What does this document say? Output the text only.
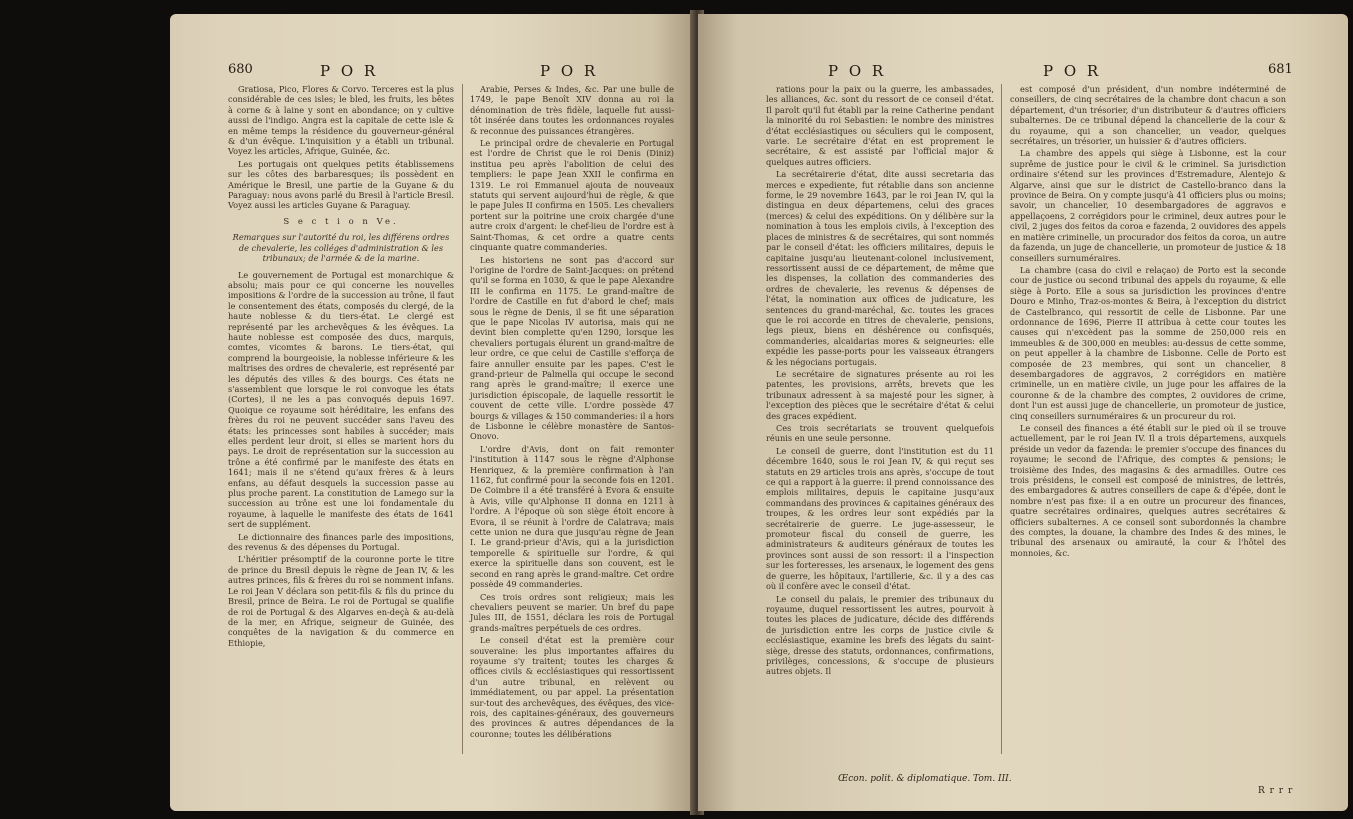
680	P O R	P O R

Gratiosa, Pico, Flores & Corvo. Terceres est la plus considérable de ces isles; le bled, les fruits, les bêtes à corne & à laine y sont en abondance; on y cultive aussi de l'indigo. Angra est la capitale de cette isle & en même temps la résidence du gouverneur-général & d'un évêque. L'inquisition y a établi un tribunal. Voyez les articles, Afrique, Guinée, &c.

Les portugais ont quelques petits établissemens sur les côtes des barbaresques; ils possèdent en Amérique le Bresil, une partie de la Guyane & du Paraguay: nous avons parlé du Bresil à l'article Bresil. Voyez aussi les articles Guyane & Paraguay.

S e c t i o n Ve.

Remarques sur l'autorité du roi, les différens ordres de chevalerie, les colléges d'administration & les tribunaux; de l'armée & de la marine.

Le gouvernement de Portugal est monarchique & absolu; mais pour ce qui concerne les nouvelles impositions & l'ordre de la succession au trône, il faut le consentement des états, composés du clergé, de la haute noblesse & du tiers-état. Le clergé est représenté par les archevêques & les évêques. La haute noblesse est composée des ducs, marquis, comtes, vicomtes & barons. Le tiers-état, qui comprend la bourgeoisie, la noblesse inférieure & les maîtrises des ordres de chevalerie, est représenté par les députés des villes & des bourgs. Ces états ne s'assemblent que lorsque le roi convoque les états (Cortes), il ne les a pas convoqués depuis 1697. Quoique ce royaume soit héréditaire, les enfans des frères du roi ne peuvent succéder sans l'aveu des états: les princesses sont habiles à succéder; mais elles perdent leur droit, si elles se marient hors du pays. Le droit de représentation sur la succession au trône a été confirmé par le manifeste des états en 1641; mais il ne s'étend qu'aux frères & à leurs enfans, au défaut desquels la succession passe au plus proche parent. La constitution de Lamego sur la succession au trône est une loi fondamentale du royaume, à laquelle le manifeste des états de 1641 sert de supplément.

Le dictionnaire des finances parle des impositions, des revenus & des dépenses du Portugal.

L'héritier présomptif de la couronne porte le titre de prince du Bresil depuis le règne de Jean IV, & les autres princes, fils & frères du roi se nomment infans. Le roi Jean V déclara son petit-fils & fils du prince du Bresil, prince de Beira. Le roi de Portugal se qualifie de roi de Portugal & des Algarves en-deçà & au-delà de la mer, en Afrique, seigneur de Guinée, des conquêtes de la navigation & du commerce en Ethiopie,

Arabie, Perses & Indes, &c. Par une bulle de 1749, le pape Benoît XIV donna au roi la dénomination de très fidèle, laquelle fut aussi-tôt insérée dans toutes les ordonnances royales & reconnue des puissances étrangères.

Le principal ordre de chevalerie en Portugal est l'ordre de Christ que le roi Denis (Diniz) institua peu après l'abolition de celui des templiers: le pape Jean XXII le confirma en 1319. Le roi Emmanuel ajouta de nouveaux statuts qui servent aujourd'hui de règle, & que le pape Jules II confirma en 1505. Les chevaliers portent sur la poitrine une croix chargée d'une autre croix d'argent: le chef-lieu de l'ordre est à Saint-Thomas, & cet ordre a quatre cents cinquante quatre commanderies.

Les historiens ne sont pas d'accord sur l'origine de l'ordre de Saint-Jacques: on prétend qu'il se forma en 1030, & que le pape Alexandre III le confirma en 1175. Le grand-maître de l'ordre de Castille en fut d'abord le chef; mais sous le règne de Denis, il se fit une séparation que le pape Nicolas IV autorisa, mais qui ne devint bien complette qu'en 1290, lorsque les chevaliers portugais élurent un grand-maître de leur ordre, ce que celui de Castille s'efforça de faire annuller ensuite par les papes. C'est le grand-prieur de Palmella qui occupe le second rang après le grand-maître; il exerce une jurisdiction épiscopale, de laquelle ressortit le couvent de cette ville. L'ordre possède 47 bourgs & villages & 150 commanderies: il a hors de Lisbonne le célèbre monastère de Santos-Onovo.

L'ordre d'Avis, dont on fait remonter l'institution à 1147 sous le règne d'Alphonse Henriquez, & la première confirmation à l'an 1162, fut confirmé pour la seconde fois en 1201. De Coimbre il a été transféré à Evora & ensuite à Avis, ville qu'Alphonse II donna en 1211 à l'ordre. A l'époque où son siège étoit encore à Evora, il se réunit à l'ordre de Calatrava; mais cette union ne dura que jusqu'au règne de Jean I. Le grand-prieur d'Avis, qui a la jurisdiction temporelle & spirituelle sur l'ordre, & qui exerce la spirituelle dans son couvent, est le second en rang après le grand-maître. Cet ordre possède 49 commanderies.

Ces trois ordres sont religieux; mais les chevaliers peuvent se marier. Un bref du pape Jules III, de 1551, déclara les rois de Portugal grands-maîtres perpétuels de ces ordres.

Le conseil d'état est la première cour souveraine: les plus importantes affaires du royaume s'y traitent; toutes les charges & offices civils & ecclésiastiques qui ressortissent d'un autre tribunal, en relèvent ou immédiatement, ou par appel. La présentation sur-tout des archevêques, des évêques, des vice-rois, des capitaines-généraux, des gouverneurs des provinces & autres dépendances de la couronne; toutes les délibérations

P O R	P O R	681

rations pour la paix ou la guerre, les ambassades, les alliances, &c. sont du ressort de ce conseil d'état. Il paroît qu'il fut établi par la reine Catherine pendant la minorité du roi Sebastien: le nombre des ministres d'état ecclésiastiques ou séculiers qui le composent, varie. Le secrétaire d'état en est proprement le secrétaire, & est assisté par l'official major & quelques autres officiers.

La secrétairerie d'état, dite aussi secretaria das merces e expediente, fut rétablie dans son ancienne forme, le 29 novembre 1643, par le roi Jean IV, qui la distingua en deux départemens, celui des graces (merces) & celui des expéditions. On y délibère sur la nomination à tous les emplois civils, à l'exception des places de ministres & de secrétaires, qui sont nommés par le conseil d'état: les officiers militaires, depuis le capitaine jusqu'au lieutenant-colonel inclusivement, ressortissent aussi de ce département, de même que les dispenses, la collation des commanderies des ordres de chevalerie, les revenus & dépenses de l'état, la nomination aux offices de judicature, les sentences du grand-maréchal, &c. toutes les graces que le roi accorde en titres de chevalerie, pensions, legs pieux, biens en déshérence ou confisqués, commanderies, alcaidarias mores & seigneuries: elle expédie les passe-ports pour les vaisseaux étrangers & les négocians portugais.

Le secrétaire de signatures présente au roi les patentes, les provisions, arrêts, brevets que les tribunaux adressent à sa majesté pour les signer, à l'exception des pièces que le secrétaire d'état & celui des graces expédient.

Ces trois secrétariats se trouvent quelquefois réunis en une seule personne.

Le conseil de guerre, dont l'institution est du 11 décembre 1640, sous le roi Jean IV, & qui reçut ses statuts en 29 articles trois ans après, s'occupe de tout ce qui a rapport à la guerre: il prend connoissance des emplois militaires, depuis le capitaine jusqu'aux commandans des provinces & capitaines généraux des troupes, & les ordres leur sont expédiés par la secrétairerie de guerre. Le juge-assesseur, le promoteur fiscal du conseil de guerre, les administrateurs & auditeurs généraux de toutes les provinces sont aussi de son ressort: il a l'inspection sur les forteresses, les arsenaux, le logement des gens de guerre, les hôpitaux, l'artillerie, &c. il y a des cas où il confère avec le conseil d'état.

Le conseil du palais, le premier des tribunaux du royaume, duquel ressortissent les autres, pourvoit à toutes les places de judicature, décide des différends de jurisdiction entre les corps de justice civile & ecclésiastique, examine les brefs des légats du saint-siège, dresse des statuts, ordonnances, confirmations, privilèges, concessions, & s'occupe de plusieurs autres objets. Il

est composé d'un président, d'un nombre indéterminé de conseillers, de cinq secrétaires de la chambre dont chacun a son département, d'un trésorier, d'un distributeur & d'autres officiers subalternes. De ce tribunal dépend la chancellerie de la cour & du royaume, qui a son chancelier, un veador, quelques secrétaires, un trésorier, un huissier & d'autres officiers.

La chambre des appels qui siège à Lisbonne, est la cour suprême de justice pour le civil & le criminel. Sa jurisdiction ordinaire s'étend sur les provinces d'Estremadure, Alentejo & Algarve, ainsi que sur le district de Castello-branco dans la province de Beira. On y compte jusqu'à 41 officiers plus ou moins; savoir, un chancelier, 10 desembargadores de aggravos e appellaçoens, 2 corrégidors pour le criminel, deux autres pour le civil, 2 juges dos feitos da coroa e fazenda, 2 ouvidores des appels en matière criminelle, un procurador dos feitos da coroa, un autre da fazenda, un juge de chancellerie, un promoteur de justice & 18 conseillers surnuméraires.

La chambre (casa do civil e relaçao) de Porto est la seconde cour de justice ou second tribunal des appels du royaume, & elle siège à Porto. Elle a sous sa jurisdiction les provinces d'entre Douro e Minho, Traz-os-montes & Beira, à l'exception du district de Castelbranco, qui ressortit de celle de Lisbonne. Par une ordonnance de 1696, Pierre II attribua à cette cour toutes les causes qui n'excèdent pas la somme de 250,000 reis en immeubles & de 300,000 en meubles: au-dessus de cette somme, on peut appeller à la chambre de Lisbonne. Celle de Porto est composée de 23 membres, qui sont un chancelier, 8 desembargadores de aggravos, 2 corrégidors en matière criminelle, un en matière civile, un juge pour les affaires de la couronne & de la chambre des comptes, 2 ouvidores de crime, dont l'un est aussi juge de chancellerie, un promoteur de justice, cinq conseillers surnuméraires & un procureur du roi.

Le conseil des finances a été établi sur le pied où il se trouve actuellement, par le roi Jean IV. Il a trois départemens, auxquels préside un vedor da fazenda: le premier s'occupe des finances du royaume; le second de l'Afrique, des comptes & pensions; le troisième des Indes, des magasins & des armadilles. Outre ces trois présidens, le conseil est composé de ministres, de lettrés, des embargadores & autres conseillers de cape & d'épée, dont le nombre n'est pas fixe: il a en outre un procureur des finances, quatre secrétaires ordinaires, quelques autres secrétaires & officiers subalternes. A ce conseil sont subordonnés la chambre des comptes, la douane, la chambre des Indes & des mines, le tribunal des arsenaux ou amirauté, la cour & l'hôtel des monnoies, &c.

Œcon. polit. & diplomatique. Tom. III.
R r r r
